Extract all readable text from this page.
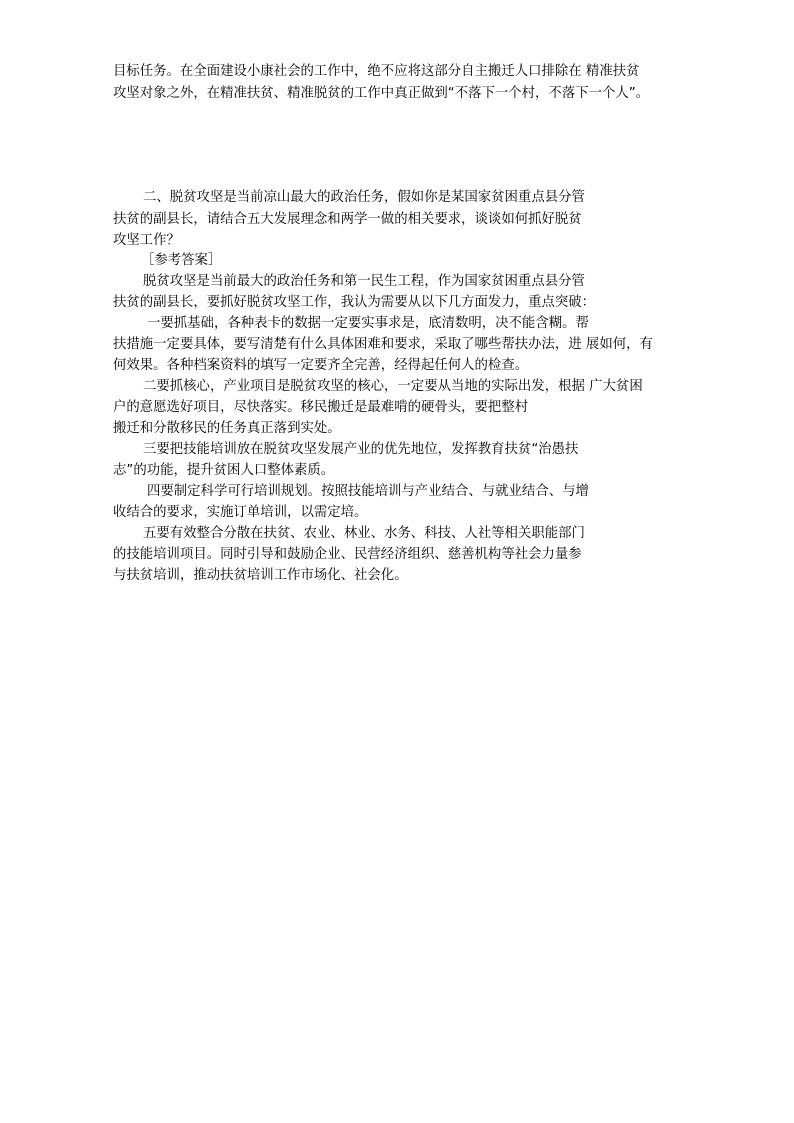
目标任务。在全面建设小康社会的工作中，绝不应将这部分自主搬迁人口排除在 精准扶贫

攻坚对象之外，在精准扶贫、精准脱贫的工作中真正做到“不落下一个村，不落下一个人”。

二、脱贫攻坚是当前凉山最大的政治任务，假如你是某国家贫困重点县分管

扶贫的副县长，请结合五大发展理念和两学一做的相关要求，谈谈如何抓好脱贫

攻坚工作？

［参考答案］

脱贫攻坚是当前最大的政治任务和第一民生工程，作为国家贫困重点县分管

扶贫的副县长，要抓好脱贫攻坚工作，我认为需要从以下几方面发力，重点突破：

一要抓基础，各种表卡的数据一定要实事求是，底清数明，决不能含糊。帮

扶措施一定要具体，要写清楚有什么具体困难和要求，采取了哪些帮扶办法，进 展如何，有

何效果。各种档案资料的填写一定要齐全完善，经得起任何人的检查。

二要抓核心，产业项目是脱贫攻坚的核心，一定要从当地的实际出发，根据 广大贫困

户的意愿选好项目，尽快落实。移民搬迁是最难啃的硬骨头，要把整村

搬迁和分散移民的任务真正落到实处。

三要把技能培训放在脱贫攻坚发展产业的优先地位，发挥教育扶贫“治愚扶

志”的功能，提升贫困人口整体素质。

四要制定科学可行培训规划。按照技能培训与产业结合、与就业结合、与增

收结合的要求，实施订单培训，以需定培。

五要有效整合分散在扶贫、农业、林业、水务、科技、人社等相关职能部门

的技能培训项目。同时引导和鼓励企业、民营经济组织、慈善机构等社会力量参

与扶贫培训，推动扶贫培训工作市场化、社会化。
